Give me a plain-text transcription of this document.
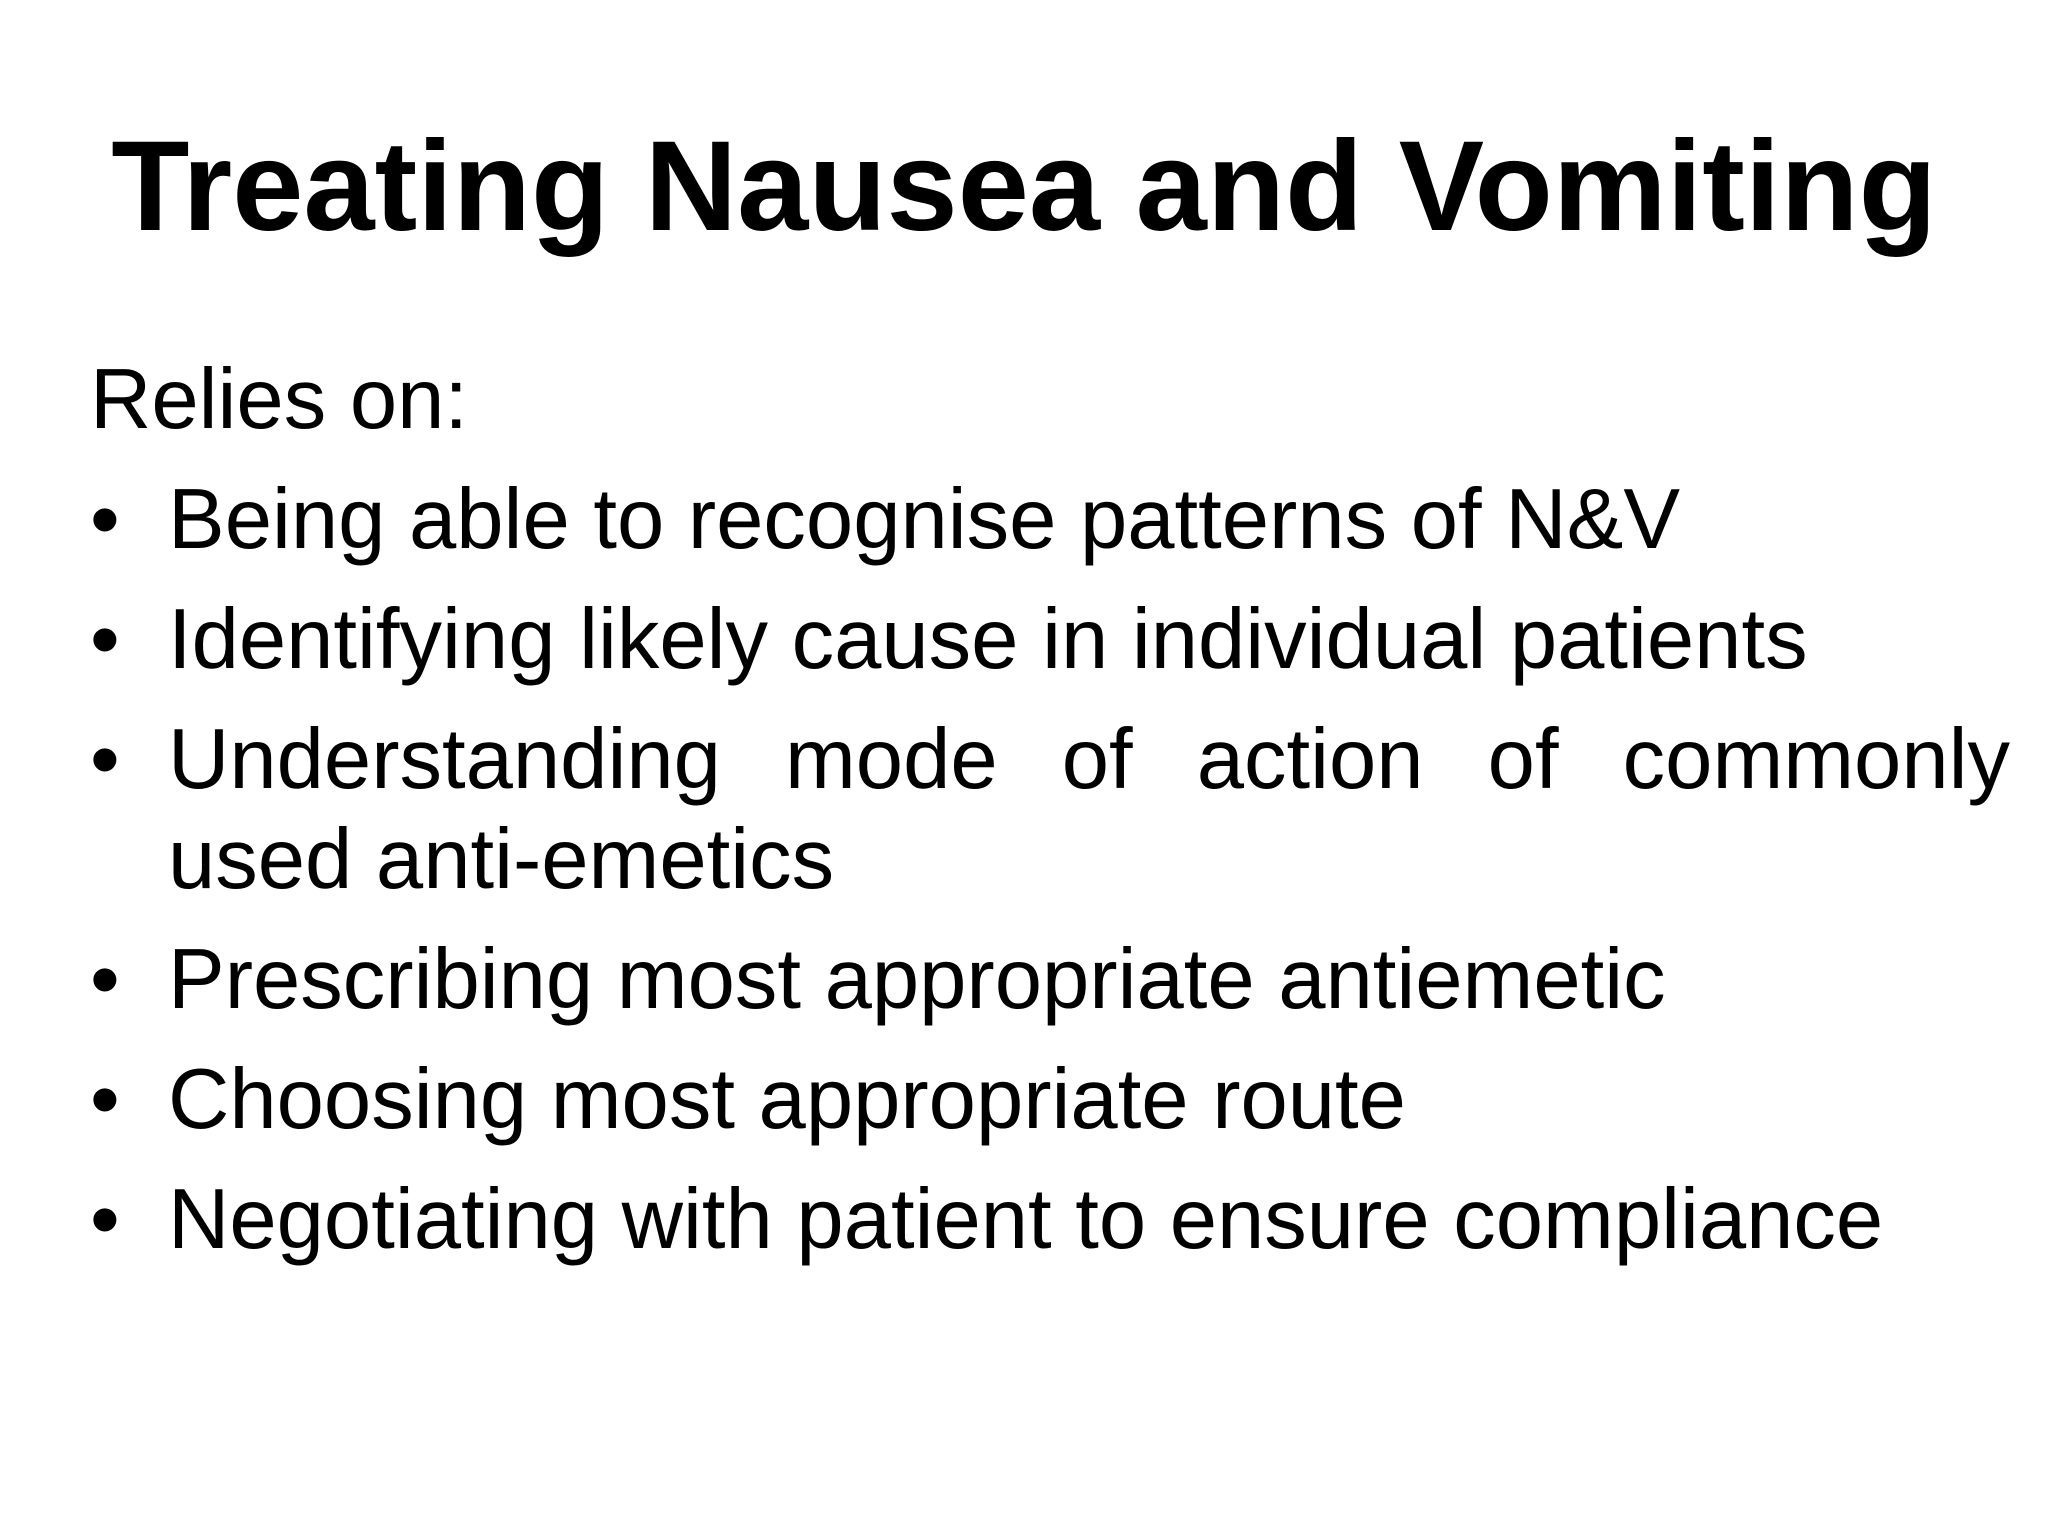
Treating Nausea and Vomiting

Relies on:

• Being able to recognise patterns of N&V
• Identifying likely cause in individual patients
• Understanding mode of action of commonly used anti-emetics
• Prescribing most appropriate antiemetic
• Choosing most appropriate route
• Negotiating with patient to ensure compliance
